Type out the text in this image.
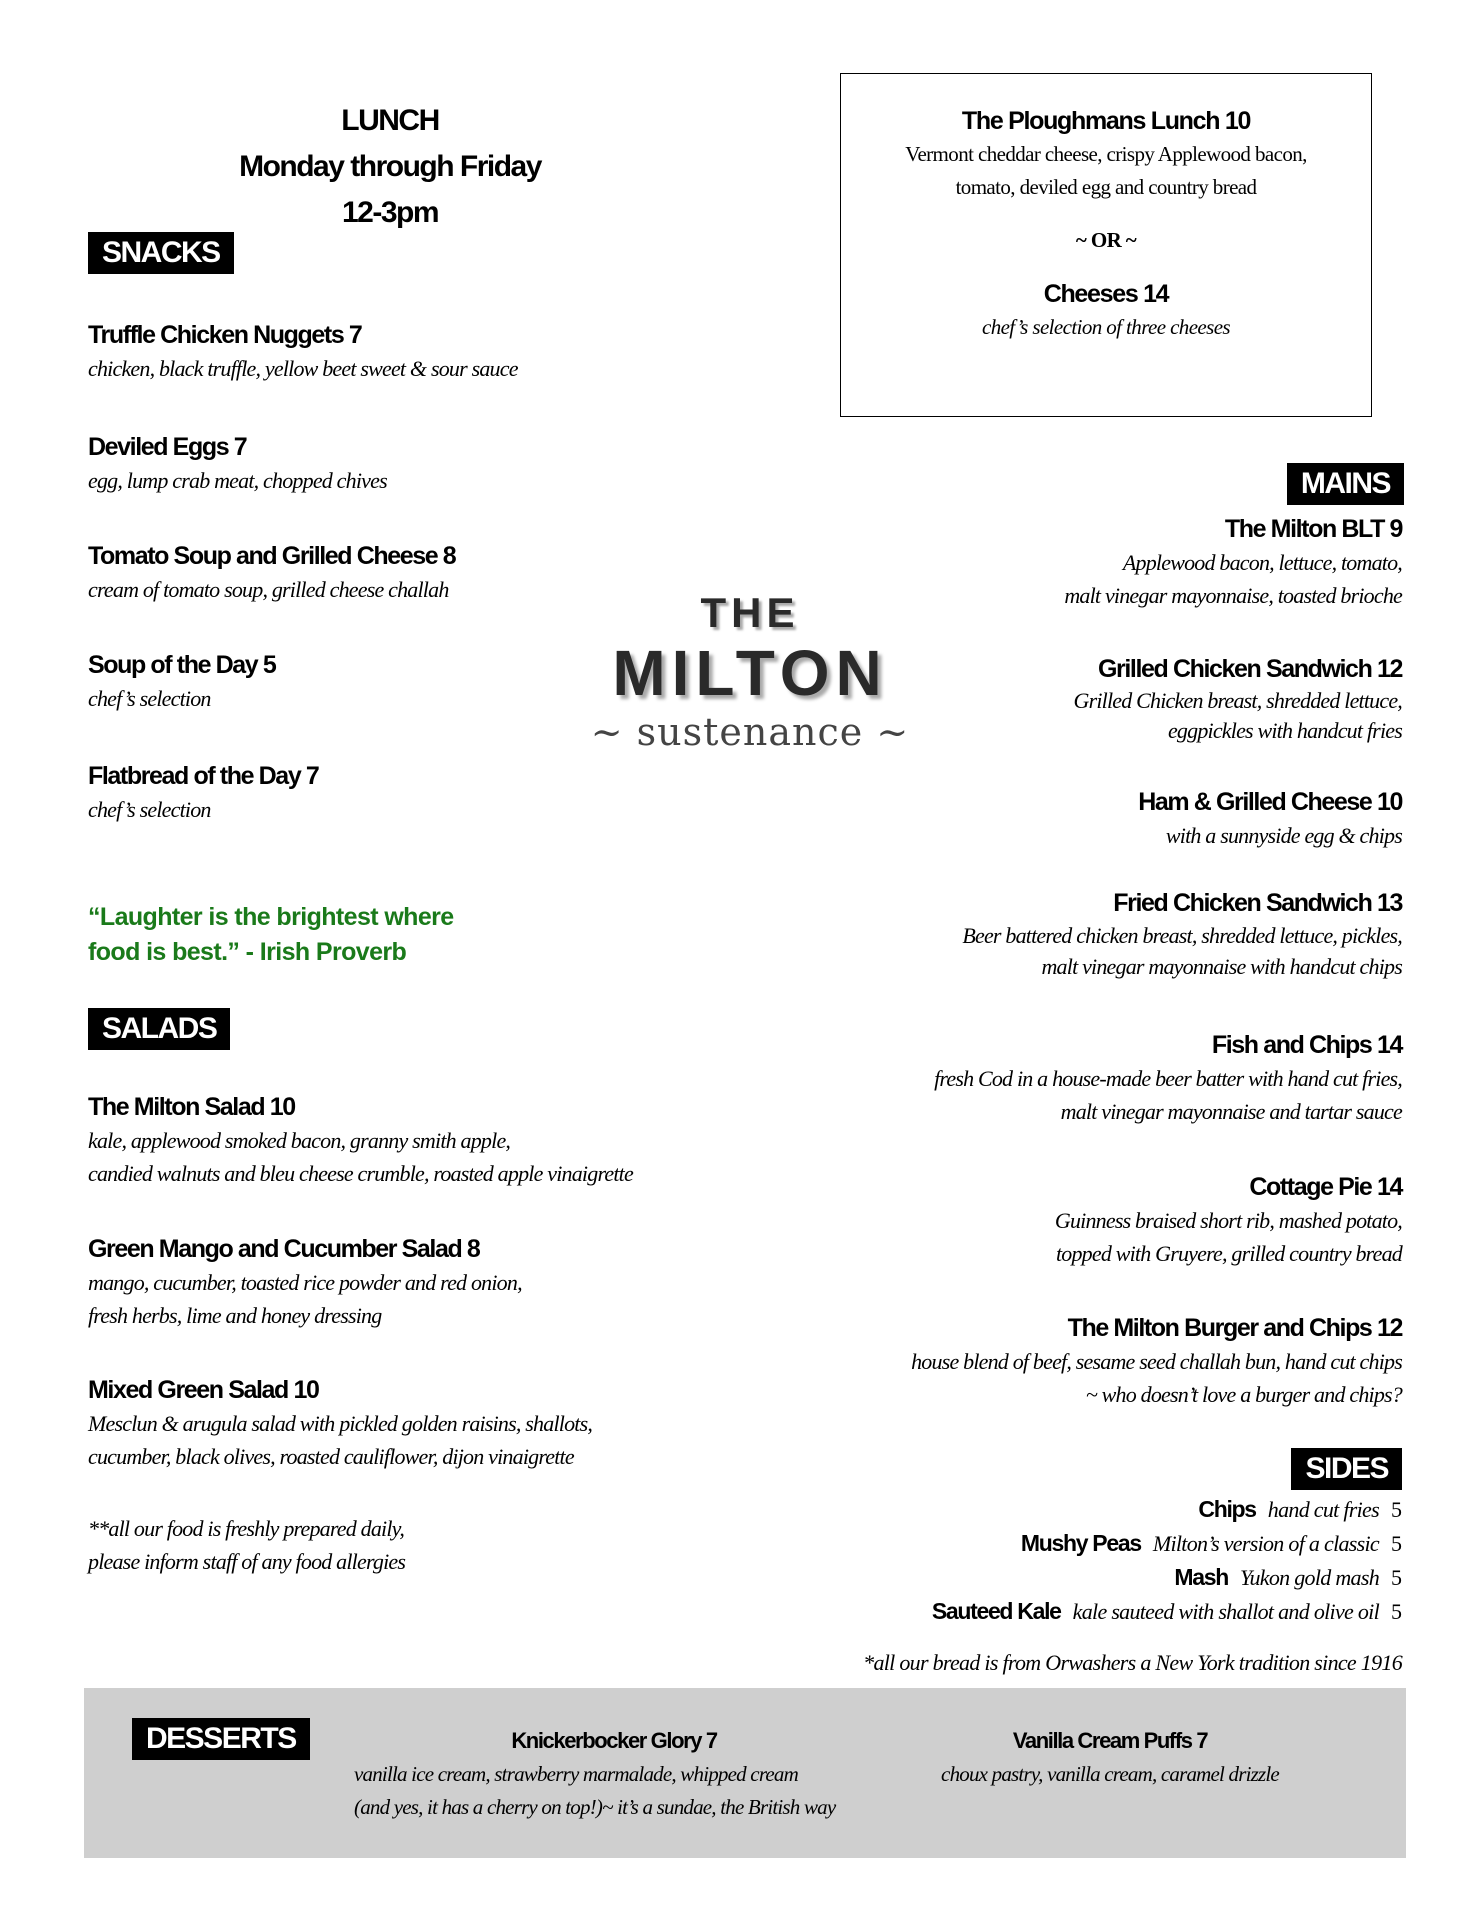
LUNCH
Monday through Friday
12-3pm
SNACKS
Truffle Chicken Nuggets 7
chicken, black truffle, yellow beet sweet & sour sauce
Deviled Eggs 7
egg, lump crab meat, chopped chives
Tomato Soup and Grilled Cheese 8
cream of tomato soup, grilled cheese challah
Soup of the Day 5
chef’s selection
Flatbread of the Day 7
chef’s selection
“Laughter is the brightest where
food is best.” - Irish Proverb
SALADS
The Milton Salad 10
kale, applewood smoked bacon, granny smith apple,
candied walnuts and bleu cheese crumble, roasted apple vinaigrette
Green Mango and Cucumber Salad 8
mango, cucumber, toasted rice powder and red onion,
fresh herbs, lime and honey dressing
Mixed Green Salad 10
Mesclun & arugula salad with pickled golden raisins, shallots,
cucumber, black olives, roasted cauliflower, dijon vinaigrette
**all our food is freshly prepared daily,
please inform staff of any food allergies
The Ploughmans Lunch 10
Vermont cheddar cheese, crispy Applewood bacon,
tomato, deviled egg and country bread
~ OR ~
Cheeses 14
chef’s selection of three cheeses
THE
MILTON
~ sustenance ~
MAINS
The Milton BLT 9
Applewood bacon, lettuce, tomato,
malt vinegar mayonnaise, toasted brioche
Grilled Chicken Sandwich 12
Grilled Chicken breast, shredded lettuce,
eggpickles with handcut fries
Ham & Grilled Cheese 10
with a sunnyside egg & chips
Fried Chicken Sandwich 13
Beer battered chicken breast, shredded lettuce, pickles,
malt vinegar mayonnaise with handcut chips
Fish and Chips 14
fresh Cod in a house-made beer batter with hand cut fries,
malt vinegar mayonnaise and tartar sauce
Cottage Pie 14
Guinness braised short rib, mashed potato,
topped with Gruyere, grilled country bread
The Milton Burger and Chips 12
house blend of beef, sesame seed challah bun, hand cut chips
~ who doesn’t love a burger and chips?
SIDES
Chips hand cut fries 5
Mushy Peas Milton’s version of a classic 5
Mash Yukon gold mash 5
Sauteed Kale kale sauteed with shallot and olive oil 5
*all our bread is from Orwashers a New York tradition since 1916
DESSERTS	Knickerbocker Glory 7
vanilla ice cream, strawberry marmalade, whipped cream
(and yes, it has a cherry on top!)~ it’s a sundae, the British way
Vanilla Cream Puffs 7
choux pastry, vanilla cream, caramel drizzle
